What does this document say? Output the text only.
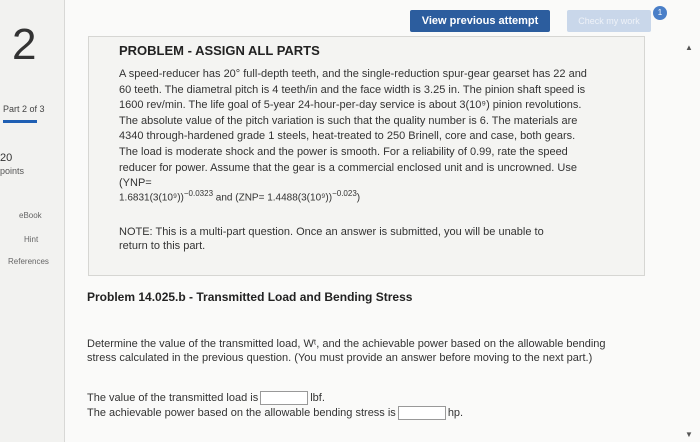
2
Part 2 of 3
20
points
eBook
Hint
References
View previous attempt	Check my work
1
▲
PROBLEM - ASSIGN ALL PARTS
A speed-reducer has 20° full-depth teeth, and the single-reduction spur-gear gearset has 22 and 60 teeth. The diametral pitch is 4 teeth/in and the face width is 3.25 in. The pinion shaft speed is 1600 rev/min. The life goal of 5-year 24-hour-per-day service is about 3(10⁹) pinion revolutions. The absolute value of the pitch variation is such that the quality number is 6. The materials are 4340 through-hardened grade 1 steels, heat-treated to 250 Brinell, core and case, both gears. The load is moderate shock and the power is smooth. For a reliability of 0.99, rate the speed reducer for power. Assume that the gear is a commercial enclosed unit and is uncrowned. Use (YNP=
$1.6831(3(10^9))^{-0.0323}$ and $(ZNP= 1.4488(3(10^9))^{-0.023})$
NOTE: This is a multi-part question. Once an answer is submitted, you will be unable to return to this part.
Problem 14.025.b - Transmitted Load and Bending Stress
Determine the value of the transmitted load, Wᵗ, and the achievable power based on the allowable bending stress calculated in the previous question. (You must provide an answer before moving to the next part.)
The value of the transmitted load is	lbf.
The achievable power based on the allowable bending stress is	hp.
▼
